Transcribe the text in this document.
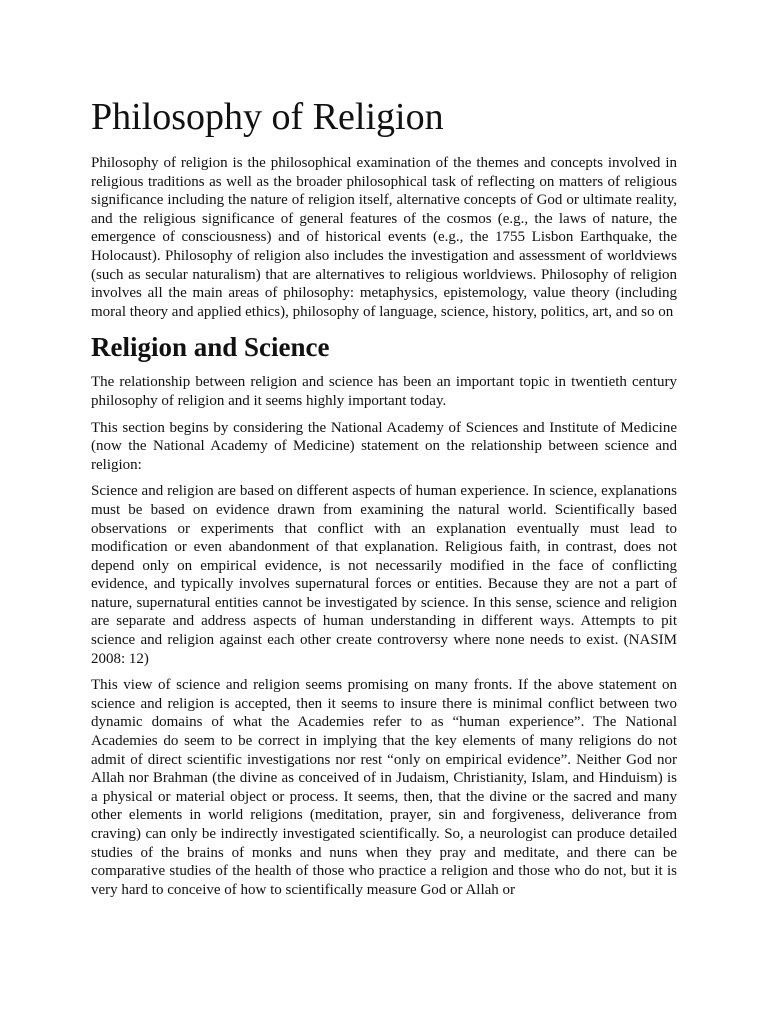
Philosophy of Religion

Philosophy of religion is the philosophical examination of the themes and concepts involved in religious traditions as well as the broader philosophical task of reflecting on matters of religious significance including the nature of religion itself, alternative concepts of God or ultimate reality, and the religious significance of general features of the cosmos (e.g., the laws of nature, the emergence of consciousness) and of historical events (e.g., the 1755 Lisbon Earthquake, the Holocaust). Philosophy of religion also includes the investigation and assessment of worldviews (such as secular naturalism) that are alternatives to religious worldviews. Philosophy of religion involves all the main areas of philosophy: metaphysics, epistemology, value theory (including moral theory and applied ethics), philosophy of language, science, history, politics, art, and so on

Religion and Science

The relationship between religion and science has been an important topic in twentieth century philosophy of religion and it seems highly important today.

This section begins by considering the National Academy of Sciences and Institute of Medicine (now the National Academy of Medicine) statement on the relationship between science and religion:

Science and religion are based on different aspects of human experience. In science, explanations must be based on evidence drawn from examining the natural world. Scientifically based observations or experiments that conflict with an explanation eventually must lead to modification or even abandonment of that explanation. Religious faith, in contrast, does not depend only on empirical evidence, is not necessarily modified in the face of conflicting evidence, and typically involves supernatural forces or entities. Because they are not a part of nature, supernatural entities cannot be investigated by science. In this sense, science and religion are separate and address aspects of human understanding in different ways. Attempts to pit science and religion against each other create controversy where none needs to exist. (NASIM 2008: 12)

This view of science and religion seems promising on many fronts. If the above statement on science and religion is accepted, then it seems to insure there is minimal conflict between two dynamic domains of what the Academies refer to as “human experience”. The National Academies do seem to be correct in implying that the key elements of many religions do not admit of direct scientific investigations nor rest “only on empirical evidence”. Neither God nor Allah nor Brahman (the divine as conceived of in Judaism, Christianity, Islam, and Hinduism) is a physical or material object or process. It seems, then, that the divine or the sacred and many other elements in world religions (meditation, prayer, sin and forgiveness, deliverance from craving) can only be indirectly investigated scientifically. So, a neurologist can produce detailed studies of the brains of monks and nuns when they pray and meditate, and there can be comparative studies of the health of those who practice a religion and those who do not, but it is very hard to conceive of how to scientifically measure God or Allah or
